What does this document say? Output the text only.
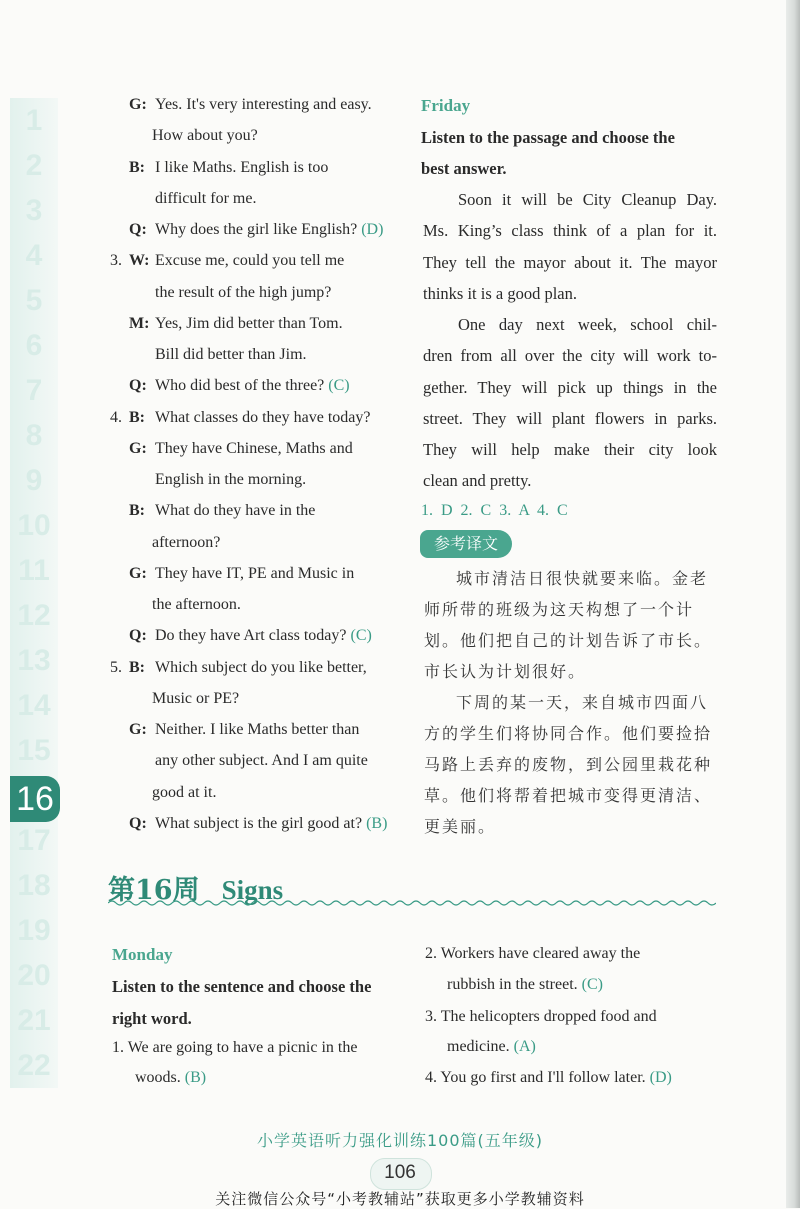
1
2
3
4
5
6
7
8
9
10
11
12
13
14
15
17
18
19
20
21
22
16
G: Yes. It's very interesting and easy.
How about you?
B: I like Maths. English is too
difficult for me.
Q: Why does the girl like English? (D)
3. W: Excuse me, could you tell me
the result of the high jump?
M: Yes, Jim did better than Tom.
Bill did better than Jim.
Q: Who did best of the three? (C)
4. B: What classes do they have today?
G: They have Chinese, Maths and
English in the morning.
B: What do they have in the
afternoon?
G: They have IT, PE and Music in
the afternoon.
Q: Do they have Art class today? (C)
5. B: Which subject do you like better,
Music or PE?
G: Neither. I like Maths better than
any other subject. And I am quite
good at it.
Q: What subject is the girl good at? (B)
Friday
Listen to the passage and choose the
best answer.
Soon it will be City Cleanup Day.
Ms. King’s class think of a plan for it.
They tell the mayor about it. The mayor
thinks it is a good plan.
One day next week, school chil-
dren from all over the city will work to-
gether. They will pick up things in the
street. They will plant flowers in parks.
They will help make their city look
clean and pretty.
1. D 2. C 3. A 4. C
参考译文
城市清洁日很快就要来临。金老
师所带的班级为这天构想了一个计
划。他们把自己的计划告诉了市长。
市长认为计划很好。
下周的某一天，来自城市四面八
方的学生们将协同合作。他们要捡拾
马路上丢弃的废物，到公园里栽花种
草。他们将帮着把城市变得更清洁、
更美丽。
第16周 Signs
Monday
Listen to the sentence and choose the
right word.
1. We are going to have a picnic in the
woods. (B)
2. Workers have cleared away the
rubbish in the street. (C)
3. The helicopters dropped food and
medicine. (A)
4. You go first and I'll follow later. (D)
小学英语听力强化训练100篇(五年级)
106
关注微信公众号“小考教辅站”获取更多小学教辅资料
